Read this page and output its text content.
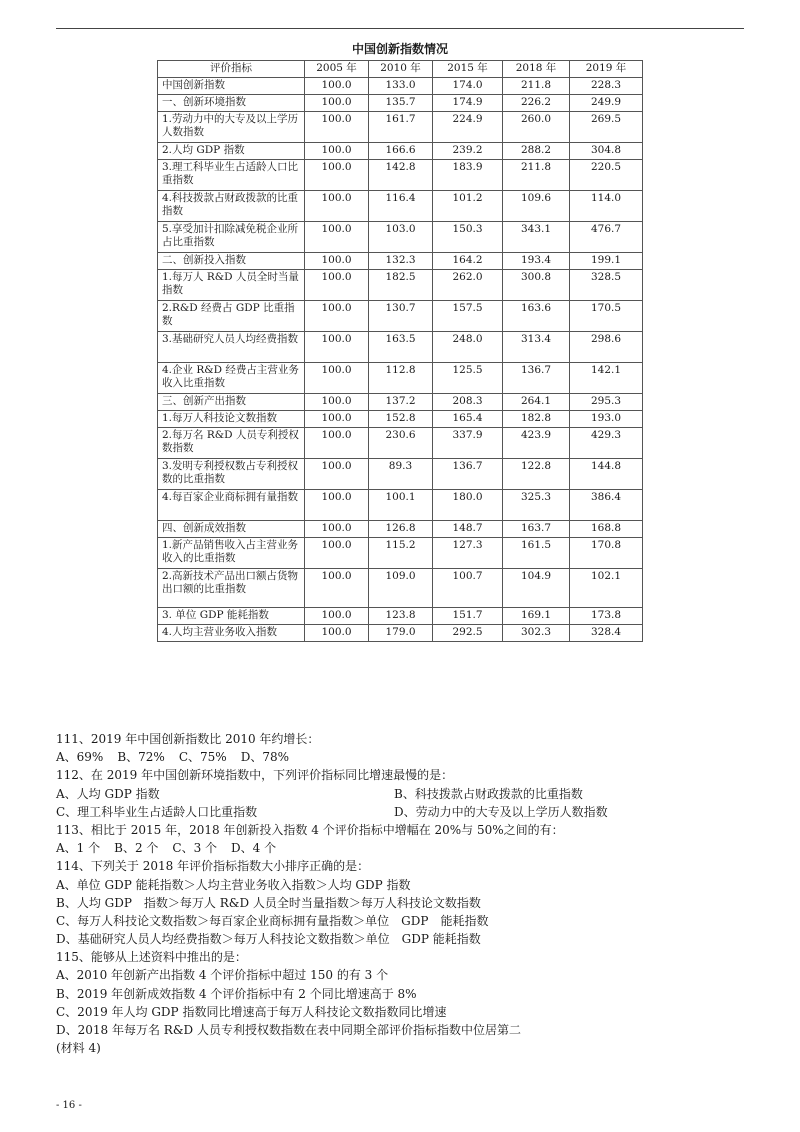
中国创新指数情况
评价指标	2005 年	2010 年	2015 年	2018 年	2019 年
中国创新指数	100.0	133.0	174.0	211.8	228.3
一、创新环境指数	100.0	135.7	174.9	226.2	249.9
1.劳动力中的大专及以上学历人数指数	100.0	161.7	224.9	260.0	269.5
2.人均 GDP 指数	100.0	166.6	239.2	288.2	304.8
3.理工科毕业生占适龄人口比重指数	100.0	142.8	183.9	211.8	220.5
4.科技拨款占财政拨款的比重指数	100.0	116.4	101.2	109.6	114.0
5.享受加计扣除减免税企业所占比重指数	100.0	103.0	150.3	343.1	476.7
二、创新投入指数	100.0	132.3	164.2	193.4	199.1
1.每万人 R&D 人员全时当量指数	100.0	182.5	262.0	300.8	328.5
2.R&D 经费占 GDP 比重指数	100.0	130.7	157.5	163.6	170.5
3.基础研究人员人均经费指数	100.0	163.5	248.0	313.4	298.6
4.企业 R&D 经费占主营业务收入比重指数	100.0	112.8	125.5	136.7	142.1
三、创新产出指数	100.0	137.2	208.3	264.1	295.3
1.每万人科技论文数指数	100.0	152.8	165.4	182.8	193.0
2.每万名 R&D 人员专利授权数指数	100.0	230.6	337.9	423.9	429.3
3.发明专利授权数占专利授权数的比重指数	100.0	89.3	136.7	122.8	144.8
4.每百家企业商标拥有量指数	100.0	100.1	180.0	325.3	386.4
四、创新成效指数	100.0	126.8	148.7	163.7	168.8
1.新产品销售收入占主营业务收入的比重指数	100.0	115.2	127.3	161.5	170.8
2.高新技术产品出口额占货物出口额的比重指数	100.0	109.0	100.7	104.9	102.1
3. 单位 GDP 能耗指数	100.0	123.8	151.7	169.1	173.8
4.人均主营业务收入指数	100.0	179.0	292.5	302.3	328.4
111、2019 年中国创新指数比 2010 年约增长：
A、69% B、72% C、75% D、78%
112、在 2019 年中国创新环境指数中，下列评价指标同比增速最慢的是：
A、人均 GDP 指数	B、科技拨款占财政拨款的比重指数
C、理工科毕业生占适龄人口比重指数	D、劳动力中的大专及以上学历人数指数
113、相比于 2015 年，2018 年创新投入指数 4 个评价指标中增幅在 20%与 50%之间的有：
A、1 个 B、2 个 C、3 个 D、4 个
114、下列关于 2018 年评价指标指数大小排序正确的是：
A、单位 GDP 能耗指数＞人均主营业务收入指数＞人均 GDP 指数
B、人均 GDP　指数＞每万人 R&D 人员全时当量指数＞每万人科技论文数指数
C、每万人科技论文数指数＞每百家企业商标拥有量指数＞单位　GDP　能耗指数
D、基础研究人员人均经费指数＞每万人科技论文数指数＞单位　GDP 能耗指数
115、能够从上述资料中推出的是：
A、2010 年创新产出指数 4 个评价指标中超过 150 的有 3 个
B、2019 年创新成效指数 4 个评价指标中有 2 个同比增速高于 8%
C、2019 年人均 GDP 指数同比增速高于每万人科技论文数指数同比增速
D、2018 年每万名 R&D 人员专利授权数指数在表中同期全部评价指标指数中位居第二
(材料 4)
- 16 -
